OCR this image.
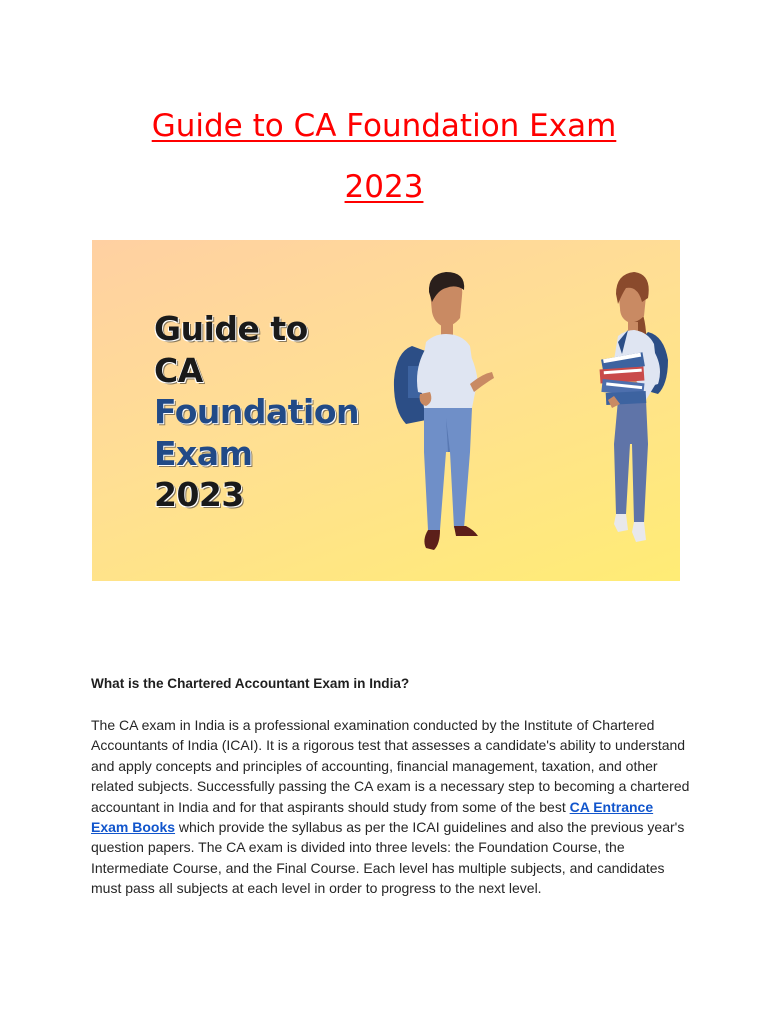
Guide to CA Foundation Exam
2023
Guide to
CA
Foundation
Exam
2023
What is the Chartered Accountant Exam in India?

The CA exam in India is a professional examination conducted by the Institute of Chartered Accountants of India (ICAI). It is a rigorous test that assesses a candidate's ability to understand and apply concepts and principles of accounting, financial management, taxation, and other related subjects. Successfully passing the CA exam is a necessary step to becoming a chartered accountant in India and for that aspirants should study from some of the best CA Entrance Exam Books which provide the syllabus as per the ICAI guidelines and also the previous year's question papers. The CA exam is divided into three levels: the Foundation Course, the Intermediate Course, and the Final Course. Each level has multiple subjects, and candidates must pass all subjects at each level in order to progress to the next level.
